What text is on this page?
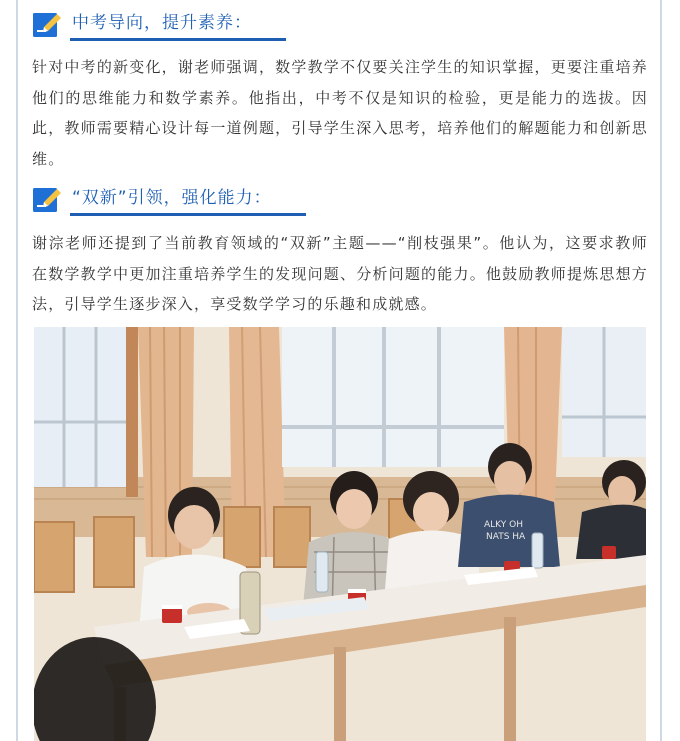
中考导向，提升素养：

针对中考的新变化，谢老师强调，数学教学不仅要关注学生的知识掌握，更要注重培养他们的思维能力和数学素养。他指出，中考不仅是知识的检验，更是能力的选拔。因此，教师需要精心设计每一道例题，引导学生深入思考，培养他们的解题能力和创新思维。

“双新”引领，强化能力：

谢淙老师还提到了当前教育领域的“双新”主题——“削枝强果”。他认为，这要求教师在数学教学中更加注重培养学生的发现问题、分析问题的能力。他鼓励教师提炼思想方法，引导学生逐步深入，享受数学学习的乐趣和成就感。

ALKY OH
NATS HA
